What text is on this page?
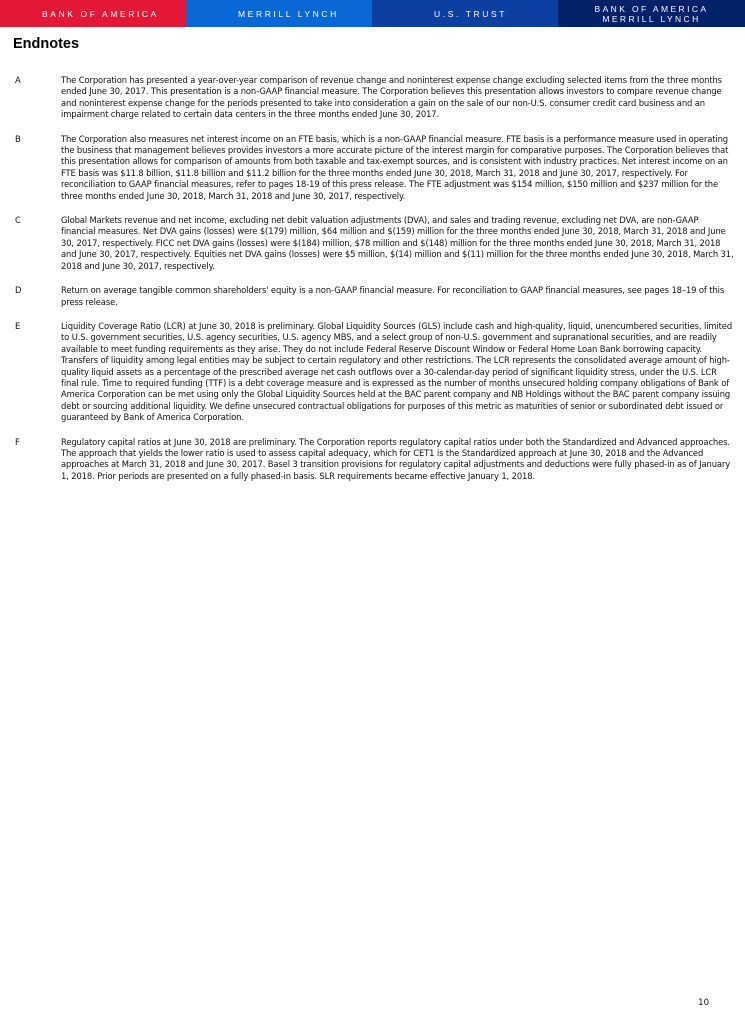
BANK OF AMERICA	MERRILL LYNCH	U.S. TRUST	BANK OF AMERICA
MERRILL LYNCH
Endnotes
A	The Corporation has presented a year-over-year comparison of revenue change and noninterest expense change excluding selected items from the three months ended June 30, 2017. This presentation is a non-GAAP financial measure. The Corporation believes this presentation allows investors to compare revenue change and noninterest expense change for the periods presented to take into consideration a gain on the sale of our non-U.S. consumer credit card business and an impairment charge related to certain data centers in the three months ended June 30, 2017.
B	The Corporation also measures net interest income on an FTE basis, which is a non-GAAP financial measure. FTE basis is a performance measure used in operating the business that management believes provides investors a more accurate picture of the interest margin for comparative purposes. The Corporation believes that this presentation allows for comparison of amounts from both taxable and tax-exempt sources, and is consistent with industry practices. Net interest income on an FTE basis was $11.8 billion, $11.8 billion and $11.2 billion for the three months ended June 30, 2018, March 31, 2018 and June 30, 2017, respectively. For reconciliation to GAAP financial measures, refer to pages 18-19 of this press release. The FTE adjustment was $154 million, $150 million and $237 million for the three months ended June 30, 2018, March 31, 2018 and June 30, 2017, respectively.
C	Global Markets revenue and net income, excluding net debit valuation adjustments (DVA), and sales and trading revenue, excluding net DVA, are non-GAAP financial measures. Net DVA gains (losses) were $(179) million, $64 million and $(159) million for the three months ended June 30, 2018, March 31, 2018 and June 30, 2017, respectively. FICC net DVA gains (losses) were $(184) million, $78 million and $(148) million for the three months ended June 30, 2018, March 31, 2018 and June 30, 2017, respectively. Equities net DVA gains (losses) were $5 million, $(14) million and $(11) million for the three months ended June 30, 2018, March 31, 2018 and June 30, 2017, respectively.
D	Return on average tangible common shareholders' equity is a non-GAAP financial measure. For reconciliation to GAAP financial measures, see pages 18–19 of this press release.
E	Liquidity Coverage Ratio (LCR) at June 30, 2018 is preliminary. Global Liquidity Sources (GLS) include cash and high-quality, liquid, unencumbered securities, limited to U.S. government securities, U.S. agency securities, U.S. agency MBS, and a select group of non-U.S. government and supranational securities, and are readily available to meet funding requirements as they arise. They do not include Federal Reserve Discount Window or Federal Home Loan Bank borrowing capacity. Transfers of liquidity among legal entities may be subject to certain regulatory and other restrictions. The LCR represents the consolidated average amount of high-quality liquid assets as a percentage of the prescribed average net cash outflows over a 30-calendar-day period of significant liquidity stress, under the U.S. LCR final rule. Time to required funding (TTF) is a debt coverage measure and is expressed as the number of months unsecured holding company obligations of Bank of America Corporation can be met using only the Global Liquidity Sources held at the BAC parent company and NB Holdings without the BAC parent company issuing debt or sourcing additional liquidity. We define unsecured contractual obligations for purposes of this metric as maturities of senior or subordinated debt issued or guaranteed by Bank of America Corporation.
F	Regulatory capital ratios at June 30, 2018 are preliminary. The Corporation reports regulatory capital ratios under both the Standardized and Advanced approaches. The approach that yields the lower ratio is used to assess capital adequacy, which for CET1 is the Standardized approach at June 30, 2018 and the Advanced approaches at March 31, 2018 and June 30, 2017. Basel 3 transition provisions for regulatory capital adjustments and deductions were fully phased-in as of January 1, 2018. Prior periods are presented on a fully phased-in basis. SLR requirements became effective January 1, 2018.
10
